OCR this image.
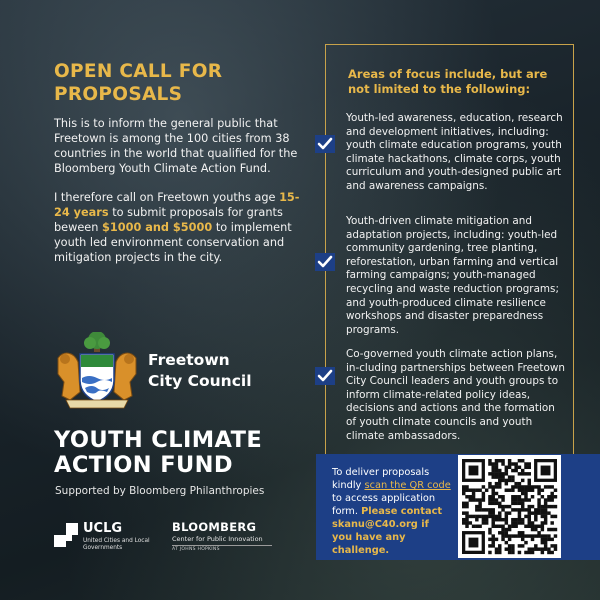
OPEN CALL FOR PROPOSALS

This is to inform the general public that Freetown is among the 100 cities from 38 countries in the world that qualified for the Bloomberg Youth Climate Action Fund.

I therefore call on Freetown youths age 15-24 years to submit proposals for grants beween $1000 and $5000 to implement youth led environment conservation and mitigation projects in the city.

Freetown
City Council
YOUTH CLIMATE
ACTION FUND
Supported by Bloomberg Philanthropies
UCLG
United Cities and Local Governments
BLOOMBERG
Center for Public Innovation
AT JOHNS HOPKINS
Areas of focus include, but are not limited to the following:
Youth-led awareness, education, research and development initiatives, including: youth climate education programs, youth climate hackathons, climate corps, youth curriculum and youth-designed public art and awareness campaigns.
Youth-driven climate mitigation and adaptation projects, including: youth-led community gardening, tree planting, reforestation, urban farming and vertical farming campaigns; youth-managed recycling and waste reduction programs; and youth-produced climate resilience workshops and disaster preparedness programs.
Co-governed youth climate action plans, in-cluding partnerships between Freetown City Council leaders and youth groups to inform climate-related policy ideas, decisions and actions and the formation of youth climate councils and youth climate ambassadors.
To deliver proposals kindly scan the QR code to access application form. Please contact skanu@C40.org if you have any challenge.
